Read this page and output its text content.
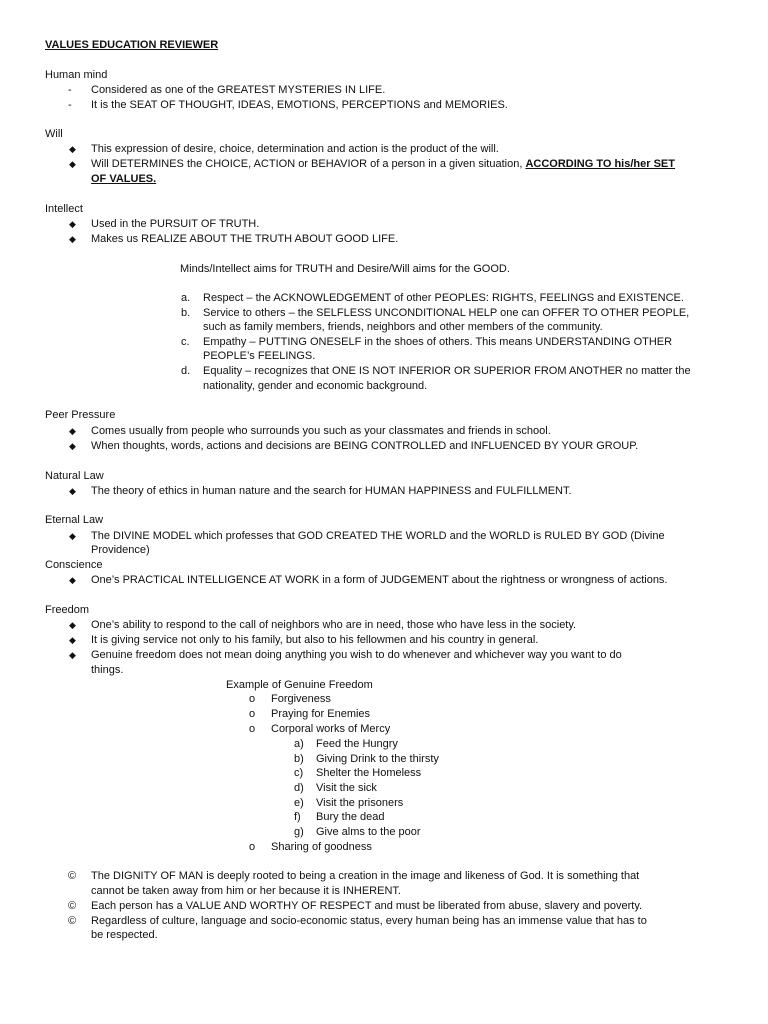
VALUES EDUCATION REVIEWER
Human mind
- Considered as one of the GREATEST MYSTERIES IN LIFE.
- It is the SEAT OF THOUGHT, IDEAS, EMOTIONS, PERCEPTIONS and MEMORIES.
Will
◆ This expression of desire, choice, determination and action is the product of the will.
◆ Will DETERMINES the CHOICE, ACTION or BEHAVIOR of a person in a given situation, ACCORDING TO his/her SET
OF VALUES.
Intellect
◆ Used in the PURSUIT OF TRUTH.
◆ Makes us REALIZE ABOUT THE TRUTH ABOUT GOOD LIFE.
Minds/Intellect aims for TRUTH and Desire/Will aims for the GOOD.
a. Respect – the ACKNOWLEDGEMENT of other PEOPLES: RIGHTS, FEELINGS and EXISTENCE.
b. Service to others – the SELFLESS UNCONDITIONAL HELP one can OFFER TO OTHER PEOPLE,
such as family members, friends, neighbors and other members of the community.
c. Empathy – PUTTING ONESELF in the shoes of others. This means UNDERSTANDING OTHER
PEOPLE’s FEELINGS.
d. Equality – recognizes that ONE IS NOT INFERIOR OR SUPERIOR FROM ANOTHER no matter the
nationality, gender and economic background.
Peer Pressure
◆ Comes usually from people who surrounds you such as your classmates and friends in school.
◆ When thoughts, words, actions and decisions are BEING CONTROLLED and INFLUENCED BY YOUR GROUP.
Natural Law
◆ The theory of ethics in human nature and the search for HUMAN HAPPINESS and FULFILLMENT.
Eternal Law
◆ The DIVINE MODEL which professes that GOD CREATED THE WORLD and the WORLD is RULED BY GOD (Divine
Providence)
Conscience
◆ One’s PRACTICAL INTELLIGENCE AT WORK in a form of JUDGEMENT about the rightness or wrongness of actions.
Freedom
◆ One’s ability to respond to the call of neighbors who are in need, those who have less in the society.
◆ It is giving service not only to his family, but also to his fellowmen and his country in general.
◆ Genuine freedom does not mean doing anything you wish to do whenever and whichever way you want to do
things.
Example of Genuine Freedom
o Forgiveness
o Praying for Enemies
o Corporal works of Mercy
a) Feed the Hungry
b) Giving Drink to the thirsty
c) Shelter the Homeless
d) Visit the sick
e) Visit the prisoners
f) Bury the dead
g) Give alms to the poor
o Sharing of goodness
© The DIGNITY OF MAN is deeply rooted to being a creation in the image and likeness of God. It is something that
cannot be taken away from him or her because it is INHERENT.
© Each person has a VALUE AND WORTHY OF RESPECT and must be liberated from abuse, slavery and poverty.
© Regardless of culture, language and socio-economic status, every human being has an immense value that has to
be respected.
